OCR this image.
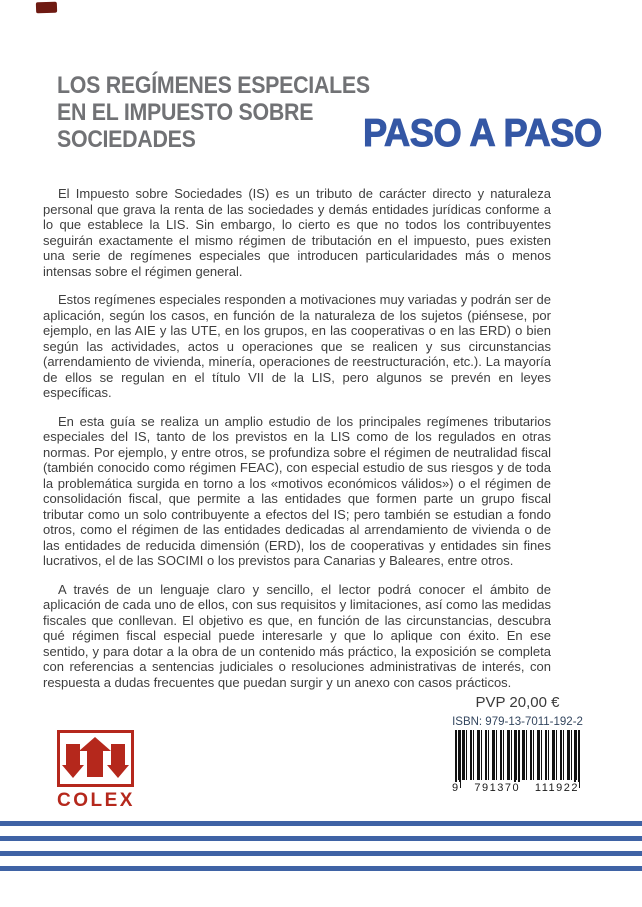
LOS REGÍMENES ESPECIALES
EN EL IMPUESTO SOBRE
SOCIEDADES	PASO A PASO

El Impuesto sobre Sociedades (IS) es un tributo de carácter directo y naturaleza personal que grava la renta de las sociedades y demás entidades jurídicas conforme a lo que establece la LIS. Sin embargo, lo cierto es que no todos los contribuyentes seguirán exactamente el mismo régimen de tributación en el impuesto, pues existen una serie de regímenes especiales que introducen particularidades más o menos intensas sobre el régimen general.

Estos regímenes especiales responden a motivaciones muy variadas y podrán ser de aplicación, según los casos, en función de la naturaleza de los sujetos (piénsese, por ejemplo, en las AIE y las UTE, en los grupos, en las cooperativas o en las ERD) o bien según las actividades, actos u operaciones que se realicen y sus circunstancias (arrendamiento de vivienda, minería, operaciones de reestructuración, etc.). La mayoría de ellos se regulan en el título VII de la LIS, pero algunos se prevén en leyes específicas.

En esta guía se realiza un amplio estudio de los principales regímenes tributarios especiales del IS, tanto de los previstos en la LIS como de los regulados en otras normas. Por ejemplo, y entre otros, se profundiza sobre el régimen de neutralidad fiscal (también conocido como régimen FEAC), con especial estudio de sus riesgos y de toda la problemática surgida en torno a los «motivos económicos válidos») o el régimen de consolidación fiscal, que permite a las entidades que formen parte un grupo fiscal tributar como un solo contribuyente a efectos del IS; pero también se estudian a fondo otros, como el régimen de las entidades dedicadas al arrendamiento de vivienda o de las entidades de reducida dimensión (ERD), los de cooperativas y entidades sin fines lucrativos, el de las SOCIMI o los previstos para Canarias y Baleares, entre otros.

A través de un lenguaje claro y sencillo, el lector podrá conocer el ámbito de aplicación de cada uno de ellos, con sus requisitos y limitaciones, así como las medidas fiscales que conllevan. El objetivo es que, en función de las circunstancias, descubra qué régimen fiscal especial puede interesarle y que lo aplique con éxito. En ese sentido, y para dotar a la obra de un contenido más práctico, la exposición se completa con referencias a sentencias judiciales o resoluciones administrativas de interés, con respuesta a dudas frecuentes que puedan surgir y un anexo con casos prácticos.

PVP 20,00 €
ISBN: 979-13-7011-192-2
COLEX
9 791370 111922
